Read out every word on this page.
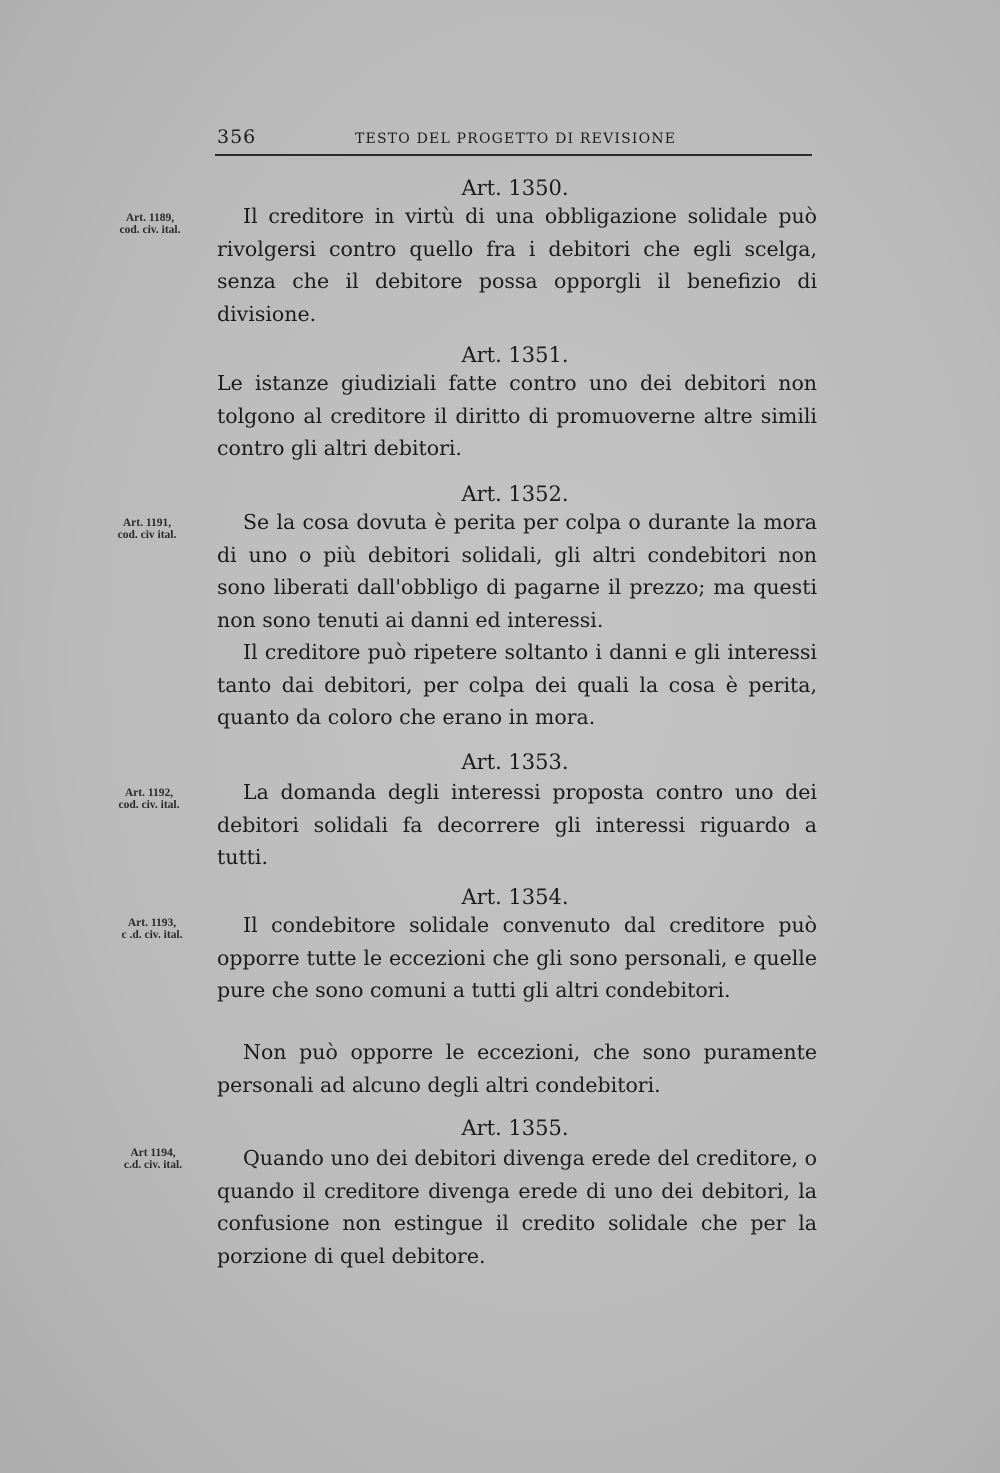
356	TESTO DEL PROGETTO DI REVISIONE
Art. 1189,
cod. civ. ital.
Art. 1191,
cod. civ ital.
Art. 1192,
cod. civ. ital.
Art. 1193,
c .d. civ. ital.
Art 1194,
c.d. civ. ital.
Art. 1350.

Il creditore in virtù di una obbligazione solidale può rivolgersi contro quello fra i debitori che egli scelga, senza che il debitore possa opporgli il benefizio di divisione.

Art. 1351.

Le istanze giudiziali fatte contro uno dei debitori non tolgono al creditore il diritto di promuoverne altre simili contro gli altri debitori.

Art. 1352.

Se la cosa dovuta è perita per colpa o durante la mora di uno o più debitori solidali, gli altri condebitori non sono liberati dall'obbligo di pagarne il prezzo; ma questi non sono tenuti ai danni ed interessi.

Il creditore può ripetere soltanto i danni e gli interessi tanto dai debitori, per colpa dei quali la cosa è perita, quanto da coloro che erano in mora.

Art. 1353.

La domanda degli interessi proposta contro uno dei debitori solidali fa decorrere gli interessi riguardo a tutti.

Art. 1354.

Il condebitore solidale convenuto dal creditore può opporre tutte le eccezioni che gli sono personali, e quelle pure che sono comuni a tutti gli altri condebitori.

Non può opporre le eccezioni, che sono puramente personali ad alcuno degli altri condebitori.

Art. 1355.

Quando uno dei debitori divenga erede del creditore, o quando il creditore divenga erede di uno dei debitori, la confusione non estingue il credito solidale che per la porzione di quel debitore.
